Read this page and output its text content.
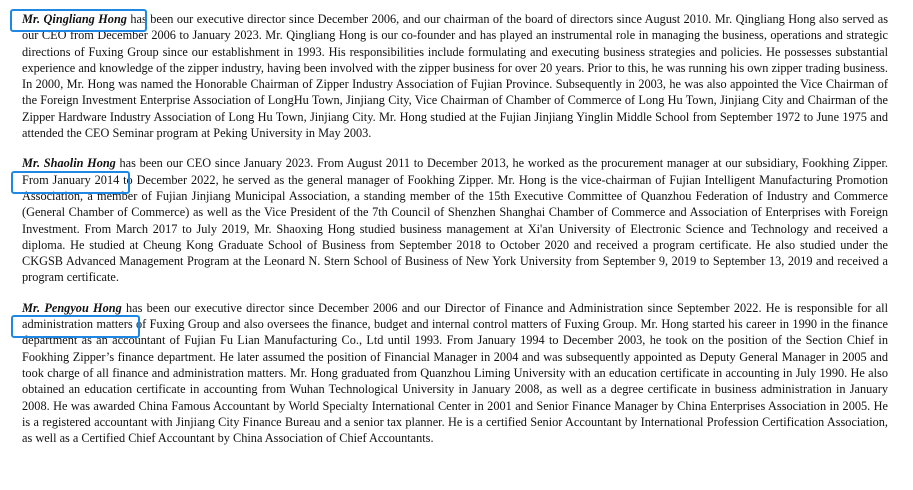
Mr. Qingliang Hong has been our executive director since December 2006, and our chairman of the board of directors since August 2010. Mr. Qingliang Hong also served as our CEO from December 2006 to January 2023. Mr. Qingliang Hong is our co-founder and has played an instrumental role in managing the business, operations and strategic directions of Fuxing Group since our establishment in 1993. His responsibilities include formulating and executing business strategies and policies. He possesses substantial experience and knowledge of the zipper industry, having been involved with the zipper business for over 20 years. Prior to this, he was running his own zipper trading business. In 2000, Mr. Hong was named the Honorable Chairman of Zipper Industry Association of Fujian Province. Subsequently in 2003, he was also appointed the Vice Chairman of the Foreign Investment Enterprise Association of LongHu Town, Jinjiang City, Vice Chairman of Chamber of Commerce of Long Hu Town, Jinjiang City and Chairman of the Zipper Hardware Industry Association of Long Hu Town, Jinjiang City. Mr. Hong studied at the Fujian Jinjiang Yinglin Middle School from September 1972 to June 1975 and attended the CEO Seminar program at Peking University in May 2003.

Mr. Shaolin Hong has been our CEO since January 2023. From August 2011 to December 2013, he worked as the procurement manager at our subsidiary, Fookhing Zipper. From January 2014 to December 2022, he served as the general manager of Fookhing Zipper. Mr. Hong is the vice-chairman of Fujian Intelligent Manufacturing Promotion Association, a member of Fujian Jinjiang Municipal Association, a standing member of the 15th Executive Committee of Quanzhou Federation of Industry and Commerce (General Chamber of Commerce) as well as the Vice President of the 7th Council of Shenzhen Shanghai Chamber of Commerce and Association of Enterprises with Foreign Investment. From March 2017 to July 2019, Mr. Shaoxing Hong studied business management at Xi'an University of Electronic Science and Technology and received a diploma. He studied at Cheung Kong Graduate School of Business from September 2018 to October 2020 and received a program certificate. He also studied under the CKGSB Advanced Management Program at the Leonard N. Stern School of Business of New York University from September 9, 2019 to September 13, 2019 and received a program certificate.

Mr. Pengyou Hong has been our executive director since December 2006 and our Director of Finance and Administration since September 2022. He is responsible for all administration matters of Fuxing Group and also oversees the finance, budget and internal control matters of Fuxing Group. Mr. Hong started his career in 1990 in the finance department as an accountant of Fujian Fu Lian Manufacturing Co., Ltd until 1993. From January 1994 to December 2003, he took on the position of the Section Chief in Fookhing Zipper’s finance department. He later assumed the position of Financial Manager in 2004 and was subsequently appointed as Deputy General Manager in 2005 and took charge of all finance and administration matters. Mr. Hong graduated from Quanzhou Liming University with an education certificate in accounting in July 1990. He also obtained an education certificate in accounting from Wuhan Technological University in January 2008, as well as a degree certificate in business administration in January 2008. He was awarded China Famous Accountant by World Specialty International Center in 2001 and Senior Finance Manager by China Enterprises Association in 2005. He is a registered accountant with Jinjiang City Finance Bureau and a senior tax planner. He is a certified Senior Accountant by International Profession Certification Association, as well as a Certified Chief Accountant by China Association of Chief Accountants.
